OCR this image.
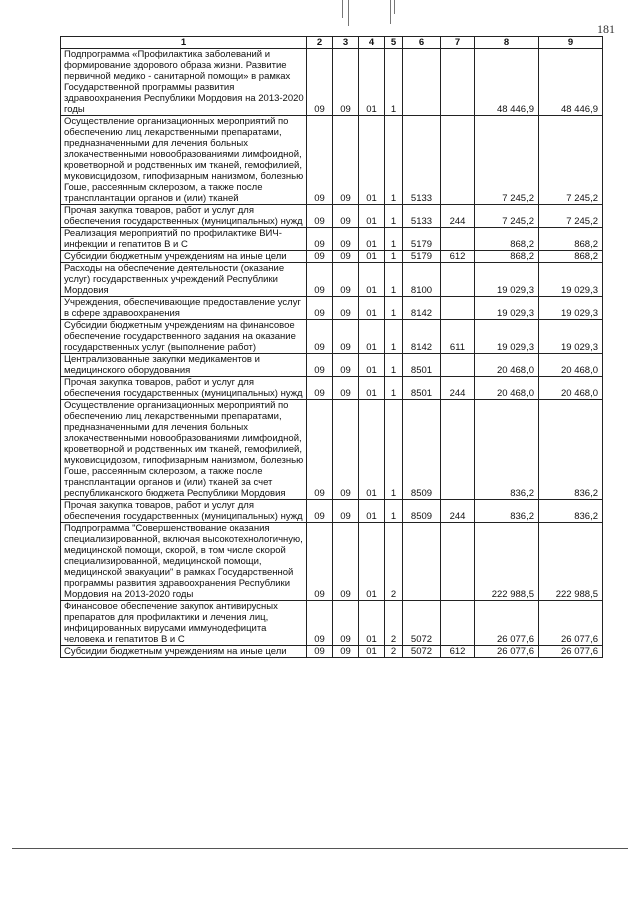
181
1	2	3	4	5	6	7	8	9
Подпрограмма «Профилактика заболеваний и формирование здорового образа жизни. Развитие первичной медико - санитарной помощи» в рамках Государственной программы развития здравоохранения Республики Мордовия на 2013-2020 годы	09	09	01	1			48 446,9	48 446,9
Осуществление организационных мероприятий по обеспечению лиц лекарственными препаратами, предназначенными для лечения больных злокачественными новообразованиями лимфоидной, кроветворной и родственных им тканей, гемофилией, муковисцидозом, гипофизарным нанизмом, болезнью Гоше, рассеянным склерозом, а также после трансплантации органов и (или) тканей	09	09	01	1	5133		7 245,2	7 245,2
Прочая закупка товаров, работ и услуг для обеспечения государственных (муниципальных) нужд	09	09	01	1	5133	244	7 245,2	7 245,2
Реализация мероприятий по профилактике ВИЧ-инфекции и гепатитов В и С	09	09	01	1	5179		868,2	868,2
Субсидии бюджетным учреждениям на иные цели	09	09	01	1	5179	612	868,2	868,2
Расходы на обеспечение деятельности (оказание услуг) государственных учреждений Республики Мордовия	09	09	01	1	8100		19 029,3	19 029,3
Учреждения, обеспечивающие предоставление услуг в сфере здравоохранения	09	09	01	1	8142		19 029,3	19 029,3
Субсидии бюджетным учреждениям на финансовое обеспечение государственного задания на оказание государственных услуг (выполнение работ)	09	09	01	1	8142	611	19 029,3	19 029,3
Централизованные закупки медикаментов и медицинского оборудования	09	09	01	1	8501		20 468,0	20 468,0
Прочая закупка товаров, работ и услуг для обеспечения государственных (муниципальных) нужд	09	09	01	1	8501	244	20 468,0	20 468,0
Осуществление организационных мероприятий по обеспечению лиц лекарственными препаратами, предназначенными для лечения больных злокачественными новообразованиями лимфоидной, кроветворной и родственных им тканей, гемофилией, муковисцидозом, гипофизарным нанизмом, болезнью Гоше, рассеянным склерозом, а также после трансплантации органов и (или) тканей за счет республиканского бюджета Республики Мордовия	09	09	01	1	8509		836,2	836,2
Прочая закупка товаров, работ и услуг для обеспечения государственных (муниципальных) нужд	09	09	01	1	8509	244	836,2	836,2
Подпрограмма "Совершенствование оказания специализированной, включая высокотехнологичную, медицинской помощи, скорой, в том числе скорой специализированной, медицинской помощи, медицинской эвакуации" в рамках Государственной программы развития здравоохранения Республики Мордовия на 2013-2020 годы	09	09	01	2			222 988,5	222 988,5
Финансовое обеспечение закупок антивирусных препаратов для профилактики и лечения лиц, инфицированных вирусами иммунодефицита человека и гепатитов В и С	09	09	01	2	5072		26 077,6	26 077,6
Субсидии бюджетным учреждениям на иные цели	09	09	01	2	5072	612	26 077,6	26 077,6
